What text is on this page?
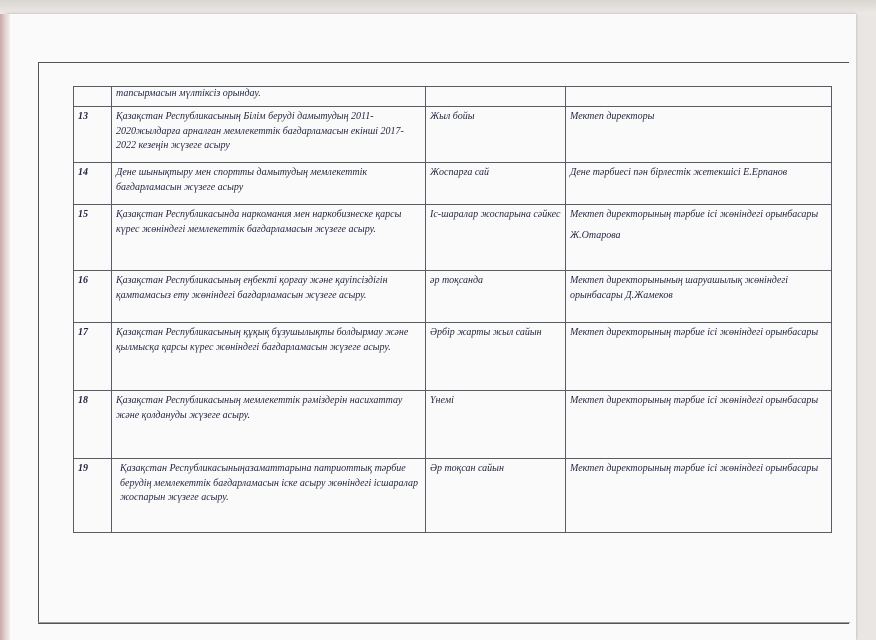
	тапсырмасын мүлтіксіз орындау.		
13	Қазақстан Республикасының Білім беруді дамытудың 2011-2020жылдарға арналған мемлекеттік бағдарламасын екінші 2017-2022 кезеңін жүзеге асыру	Жыл бойы	Мектеп директоры
14	Дене шынықтыру мен спортты дамытудың мемлекеттік бағдарламасын жүзеге асыру	Жоспарға сай	Дене тәрбиесі пән бірлестік жетекшісі Е.Ерпанов
15	Қазақстан Республикасында наркомания мен наркобизнеске қарсы күрес жөніндегі мемлекеттік бағдарламасын жүзеге асыру.	Іс-шаралар жоспарына сәйкес	Мектеп директорының тәрбие ісі жөніндегі орынбасары
Ж.Отарова

16	Қазақстан Республикасының еңбекті қорғау және қауіпсіздігін қамтамасыз ету жөніндегі бағдарламасын жүзеге асыру.	әр тоқсанда	Мектеп директорынының шаруашылық жөніндегі орынбасары Д.Жамеков
17	Қазақстан Республикасының құқық бұзушылықты болдырмау және қылмысқа қарсы күрес жөніндегі бағдарламасын жүзеге асыру.	Әрбір жарты жыл сайын	Мектеп директорының тәрбие ісі жөніндегі орынбасары
18	Қазақстан Республикасының мемлекеттік рәміздерін насихаттау және қолдануды жүзеге асыру.	Үнемі	Мектеп директорының тәрбие ісі жөніндегі орынбасары
19	Қазақстан Республикасыныңазаматтарына патриоттық тәрбие берудің мемлекеттік бағдарламасын іске асыру жөніндегі ісшаралар жоспарын жүзеге асыру.	Әр тоқсан сайын	Мектеп директорының тәрбие ісі жөніндегі орынбасары
